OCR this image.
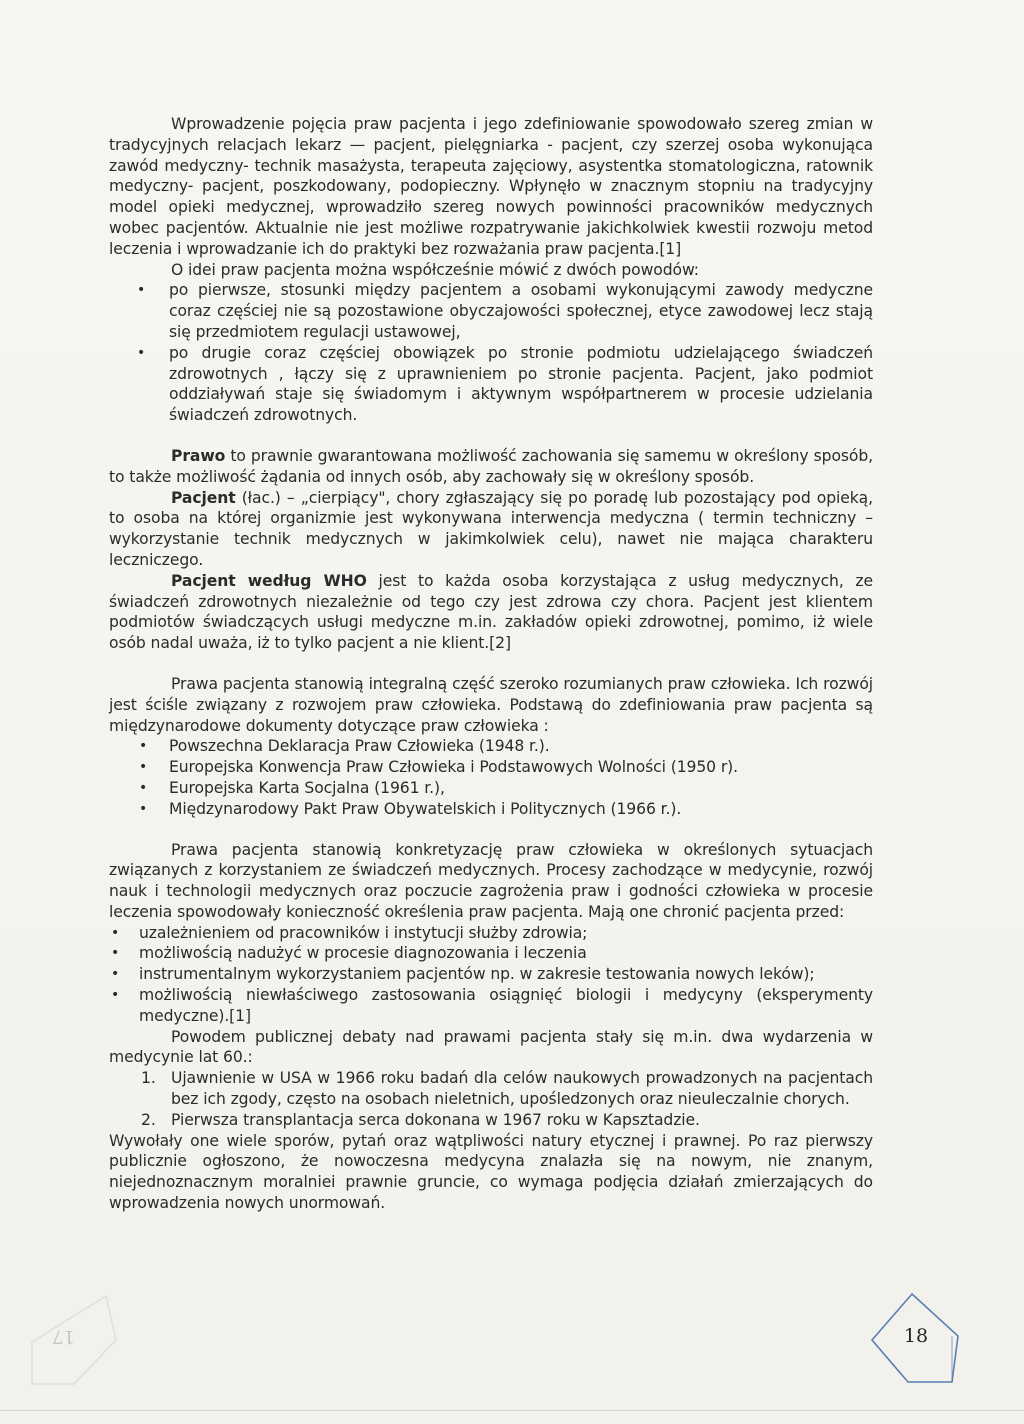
Wprowadzenie pojęcia praw pacjenta i jego zdefiniowanie spowodowało szereg zmian w tradycyjnych relacjach lekarz — pacjent, pielęgniarka - pacjent, czy szerzej osoba wykonująca zawód medyczny- technik masażysta, terapeuta zajęciowy, asystentka stomatologiczna, ratownik medyczny- pacjent, poszkodowany, podopieczny. Wpłynęło w znacznym stopniu na tradycyjny model opieki medycznej, wprowadziło szereg nowych powinności pracowników medycznych wobec pacjentów. Aktualnie nie jest możliwe rozpatrywanie jakichkolwiek kwestii rozwoju metod leczenia i wprowadzanie ich do praktyki bez rozważania praw pacjenta.[1]

O idei praw pacjenta można współcześnie mówić z dwóch powodów:

• po pierwsze, stosunki między pacjentem a osobami wykonującymi zawody medyczne coraz częściej nie są pozostawione obyczajowości społecznej, etyce zawodowej lecz stają się przedmiotem regulacji ustawowej,
• po drugie coraz częściej obowiązek po stronie podmiotu udzielającego świadczeń zdrowotnych , łączy się z uprawnieniem po stronie pacjenta. Pacjent, jako podmiot oddziaływań staje się świadomym i aktywnym współpartnerem w procesie udzielania świadczeń zdrowotnych.

Prawo to prawnie gwarantowana możliwość zachowania się samemu w określony sposób, to także możliwość żądania od innych osób, aby zachowały się w określony sposób.

Pacjent (łac.) – „cierpiący", chory zgłaszający się po poradę lub pozostający pod opieką, to osoba na której organizmie jest wykonywana interwencja medyczna ( termin techniczny –wykorzystanie technik medycznych w jakimkolwiek celu), nawet nie mająca charakteru leczniczego.

Pacjent według WHO jest to każda osoba korzystająca z usług medycznych, ze świadczeń zdrowotnych niezależnie od tego czy jest zdrowa czy chora. Pacjent jest klientem podmiotów świadczących usługi medyczne m.in. zakładów opieki zdrowotnej, pomimo, iż wiele osób nadal uważa, iż to tylko pacjent a nie klient.[2]

Prawa pacjenta stanowią integralną część szeroko rozumianych praw człowieka. Ich rozwój jest ściśle związany z rozwojem praw człowieka. Podstawą do zdefiniowania praw pacjenta są międzynarodowe dokumenty dotyczące praw człowieka :

• Powszechna Deklaracja Praw Człowieka (1948 r.).
• Europejska Konwencja Praw Człowieka i Podstawowych Wolności (1950 r).
• Europejska Karta Socjalna (1961 r.),
• Międzynarodowy Pakt Praw Obywatelskich i Politycznych (1966 r.).

Prawa pacjenta stanowią konkretyzację praw człowieka w określonych sytuacjach związanych z korzystaniem ze świadczeń medycznych. Procesy zachodzące w medycynie, rozwój nauk i technologii medycznych oraz poczucie zagrożenia praw i godności człowieka w procesie leczenia spowodowały konieczność określenia praw pacjenta. Mają one chronić pacjenta przed:

• uzależnieniem od pracowników i instytucji służby zdrowia;
• możliwością nadużyć w procesie diagnozowania i leczenia
• instrumentalnym wykorzystaniem pacjentów np. w zakresie testowania nowych leków);
• możliwością niewłaściwego zastosowania osiągnięć biologii i medycyny (eksperymenty medyczne).[1]

Powodem publicznej debaty nad prawami pacjenta stały się m.in. dwa wydarzenia w medycynie lat 60.:

1. Ujawnienie w USA w 1966 roku badań dla celów naukowych prowadzonych na pacjentach bez ich zgody, często na osobach nieletnich, upośledzonych oraz nieuleczalnie chorych.
2. Pierwsza transplantacja serca dokonana w 1967 roku w Kapsztadzie.

Wywołały one wiele sporów, pytań oraz wątpliwości natury etycznej i prawnej. Po raz pierwszy publicznie ogłoszono, że nowoczesna medycyna znalazła się na nowym, nie znanym, niejednoznacznym moralniei prawnie gruncie, co wymaga podjęcia działań zmierzających do wprowadzenia nowych unormowań.

17	18
